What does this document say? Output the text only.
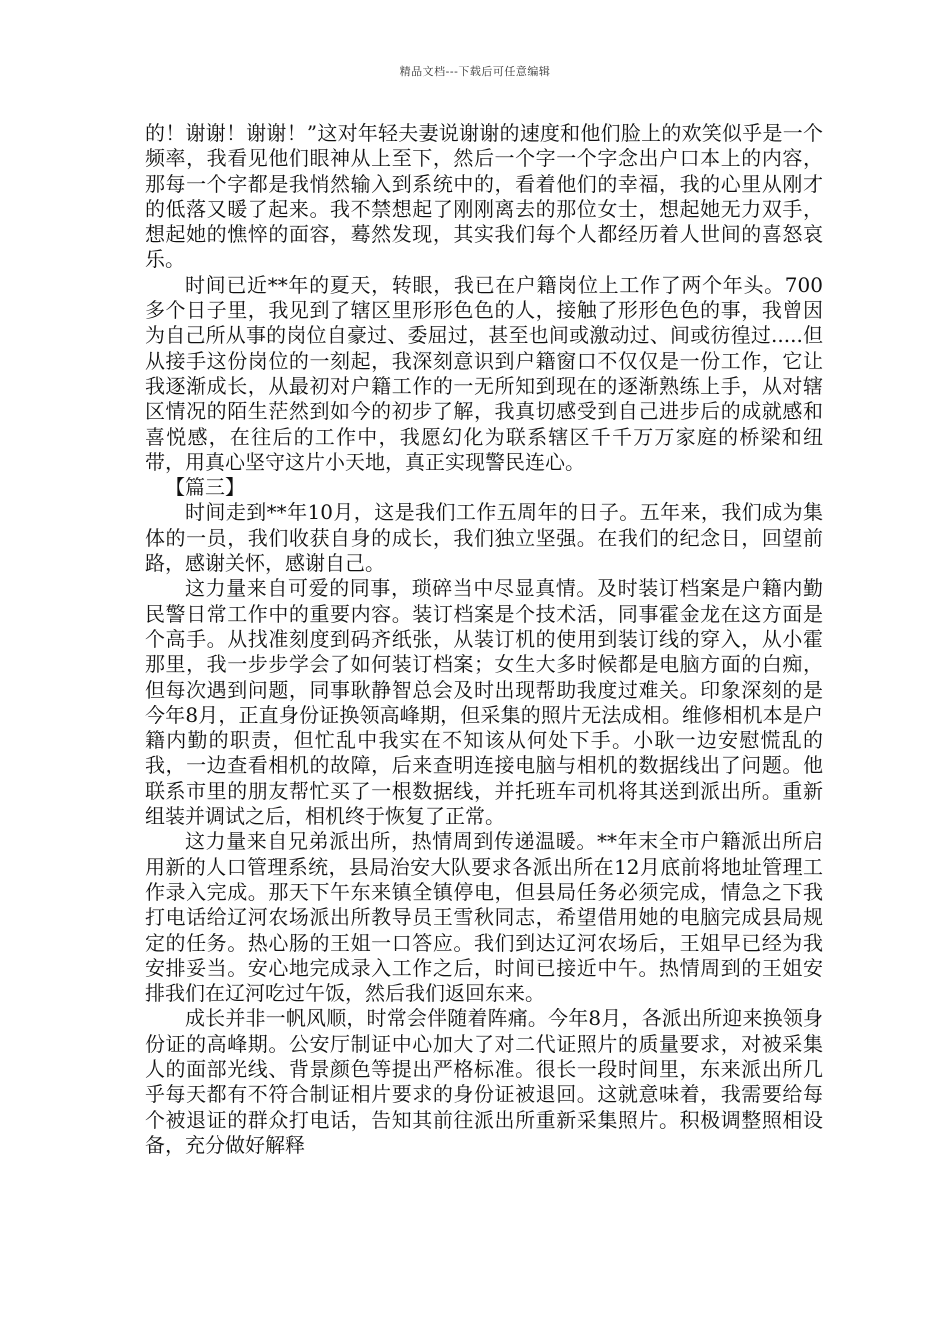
精品文档---下载后可任意编辑

的！谢谢！谢谢！”这对年轻夫妻说谢谢的速度和他们脸上的欢笑似乎是一个频率，我看见他们眼神从上至下，然后一个字一个字念出户口本上的内容，那每一个字都是我悄然输入到系统中的，看着他们的幸福，我的心里从刚才的低落又暖了起来。我不禁想起了刚刚离去的那位女士，想起她无力双手，想起她的憔悴的面容，蓦然发现，其实我们每个人都经历着人世间的喜怒哀乐。

时间已近**年的夏天，转眼，我已在户籍岗位上工作了两个年头。700多个日子里，我见到了辖区里形形色色的人，接触了形形色色的事，我曾因为自己所从事的岗位自豪过、委屈过，甚至也间或激动过、间或彷徨过.....但从接手这份岗位的一刻起，我深刻意识到户籍窗口不仅仅是一份工作，它让我逐渐成长，从最初对户籍工作的一无所知到现在的逐渐熟练上手，从对辖区情况的陌生茫然到如今的初步了解，我真切感受到自己进步后的成就感和喜悦感，在往后的工作中，我愿幻化为联系辖区千千万万家庭的桥梁和纽带，用真心坚守这片小天地，真正实现警民连心。

【篇三】

时间走到**年10月，这是我们工作五周年的日子。五年来，我们成为集体的一员，我们收获自身的成长，我们独立坚强。在我们的纪念日，回望前路，感谢关怀，感谢自己。

这力量来自可爱的同事，琐碎当中尽显真情。及时装订档案是户籍内勤民警日常工作中的重要内容。装订档案是个技术活，同事霍金龙在这方面是个高手。从找准刻度到码齐纸张，从装订机的使用到装订线的穿入，从小霍那里，我一步步学会了如何装订档案；女生大多时候都是电脑方面的白痴，但每次遇到问题，同事耿静智总会及时出现帮助我度过难关。印象深刻的是今年8月，正直身份证换领高峰期，但采集的照片无法成相。维修相机本是户籍内勤的职责，但忙乱中我实在不知该从何处下手。小耿一边安慰慌乱的我，一边查看相机的故障，后来查明连接电脑与相机的数据线出了问题。他联系市里的朋友帮忙买了一根数据线，并托班车司机将其送到派出所。重新组装并调试之后，相机终于恢复了正常。

这力量来自兄弟派出所，热情周到传递温暖。**年末全市户籍派出所启用新的人口管理系统，县局治安大队要求各派出所在12月底前将地址管理工作录入完成。那天下午东来镇全镇停电，但县局任务必须完成，情急之下我打电话给辽河农场派出所教导员王雪秋同志，希望借用她的电脑完成县局规定的任务。热心肠的王姐一口答应。我们到达辽河农场后，王姐早已经为我安排妥当。安心地完成录入工作之后，时间已接近中午。热情周到的王姐安排我们在辽河吃过午饭，然后我们返回东来。

成长并非一帆风顺，时常会伴随着阵痛。今年8月，各派出所迎来换领身份证的高峰期。公安厅制证中心加大了对二代证照片的质量要求，对被采集人的面部光线、背景颜色等提出严格标准。很长一段时间里，东来派出所几乎每天都有不符合制证相片要求的身份证被退回。这就意味着，我需要给每个被退证的群众打电话，告知其前往派出所重新采集照片。积极调整照相设备，充分做好解释
